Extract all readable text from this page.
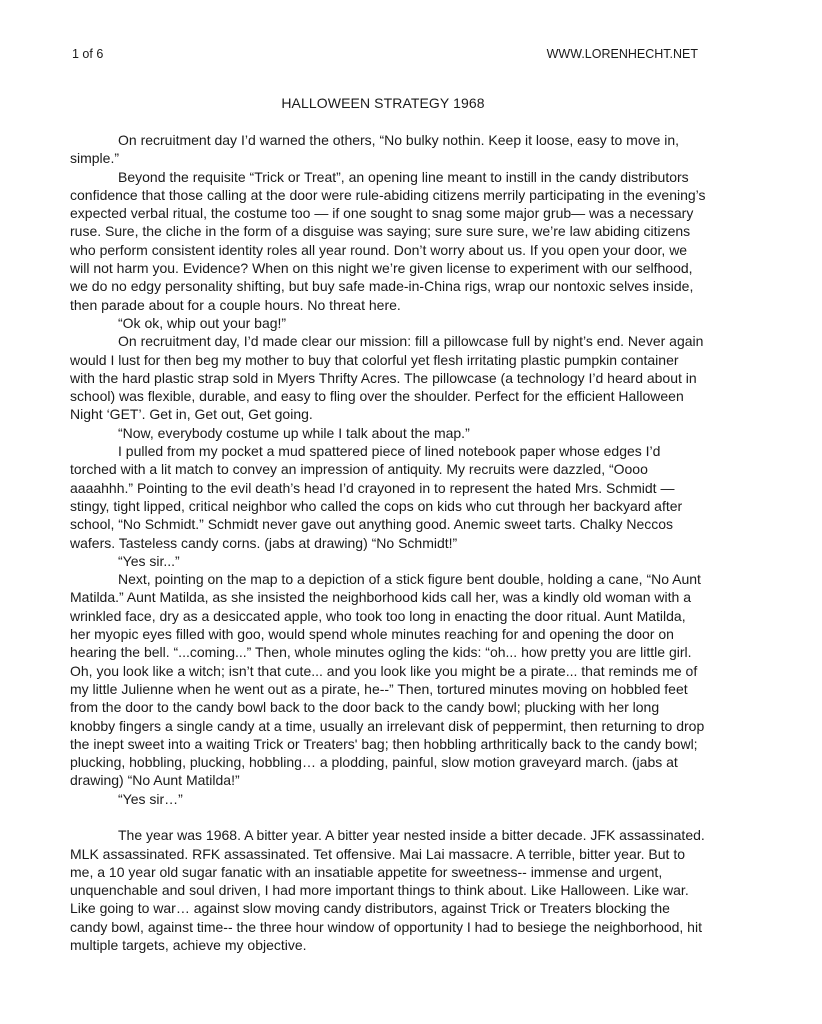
1 of 6	WWW.LORENHECHT.NET
HALLOWEEN STRATEGY 1968

On recruitment day I’d warned the others, “No bulky nothin. Keep it loose, easy to move in, simple.”

Beyond the requisite “Trick or Treat”, an opening line meant to instill in the candy distributors confidence that those calling at the door were rule-abiding citizens merrily participating in the evening’s expected verbal ritual, the costume too — if one sought to snag some major grub— was a necessary ruse. Sure, the cliche in the form of a disguise was saying; sure sure sure, we’re law abiding citizens who perform consistent identity roles all year round. Don’t worry about us. If you open your door, we will not harm you. Evidence? When on this night we’re given license to experiment with our selfhood, we do no edgy personality shifting, but buy safe made-in-China rigs, wrap our nontoxic selves inside, then parade about for a couple hours. No threat here.

“Ok ok, whip out your bag!”

On recruitment day, I’d made clear our mission: fill a pillowcase full by night’s end. Never again would I lust for then beg my mother to buy that colorful yet flesh irritating plastic pumpkin container with the hard plastic strap sold in Myers Thrifty Acres. The pillowcase (a technology I’d heard about in school) was flexible, durable, and easy to fling over the shoulder. Perfect for the efficient Halloween Night ‘GET’. Get in, Get out, Get going.

“Now, everybody costume up while I talk about the map.”

I pulled from my pocket a mud spattered piece of lined notebook paper whose edges I’d torched with a lit match to convey an impression of antiquity. My recruits were dazzled, “Oooo aaaahhh.” Pointing to the evil death’s head I’d crayoned in to represent the hated Mrs. Schmidt — stingy, tight lipped, critical neighbor who called the cops on kids who cut through her backyard after school, “No Schmidt.” Schmidt never gave out anything good. Anemic sweet tarts. Chalky Neccos wafers. Tasteless candy corns. (jabs at drawing) “No Schmidt!”

“Yes sir...”

Next, pointing on the map to a depiction of a stick figure bent double, holding a cane, “No Aunt Matilda.” Aunt Matilda, as she insisted the neighborhood kids call her, was a kindly old woman with a wrinkled face, dry as a desiccated apple, who took too long in enacting the door ritual. Aunt Matilda, her myopic eyes filled with goo, would spend whole minutes reaching for and opening the door on hearing the bell. “...coming...” Then, whole minutes ogling the kids: “oh... how pretty you are little girl. Oh, you look like a witch; isn’t that cute... and you look like you might be a pirate... that reminds me of my little Julienne when he went out as a pirate, he--” Then, tortured minutes moving on hobbled feet from the door to the candy bowl back to the door back to the candy bowl; plucking with her long knobby fingers a single candy at a time, usually an irrelevant disk of peppermint, then returning to drop the inept sweet into a waiting Trick or Treaters' bag; then hobbling arthritically back to the candy bowl; plucking, hobbling, plucking, hobbling… a plodding, painful, slow motion graveyard march. (jabs at drawing) “No Aunt Matilda!”

“Yes sir…”

The year was 1968. A bitter year. A bitter year nested inside a bitter decade. JFK assassinated. MLK assassinated. RFK assassinated. Tet offensive. Mai Lai massacre. A terrible, bitter year. But to me, a 10 year old sugar fanatic with an insatiable appetite for sweetness-- immense and urgent, unquenchable and soul driven, I had more important things to think about. Like Halloween. Like war. Like going to war… against slow moving candy distributors, against Trick or Treaters blocking the candy bowl, against time-- the three hour window of opportunity I had to besiege the neighborhood, hit multiple targets, achieve my objective.
